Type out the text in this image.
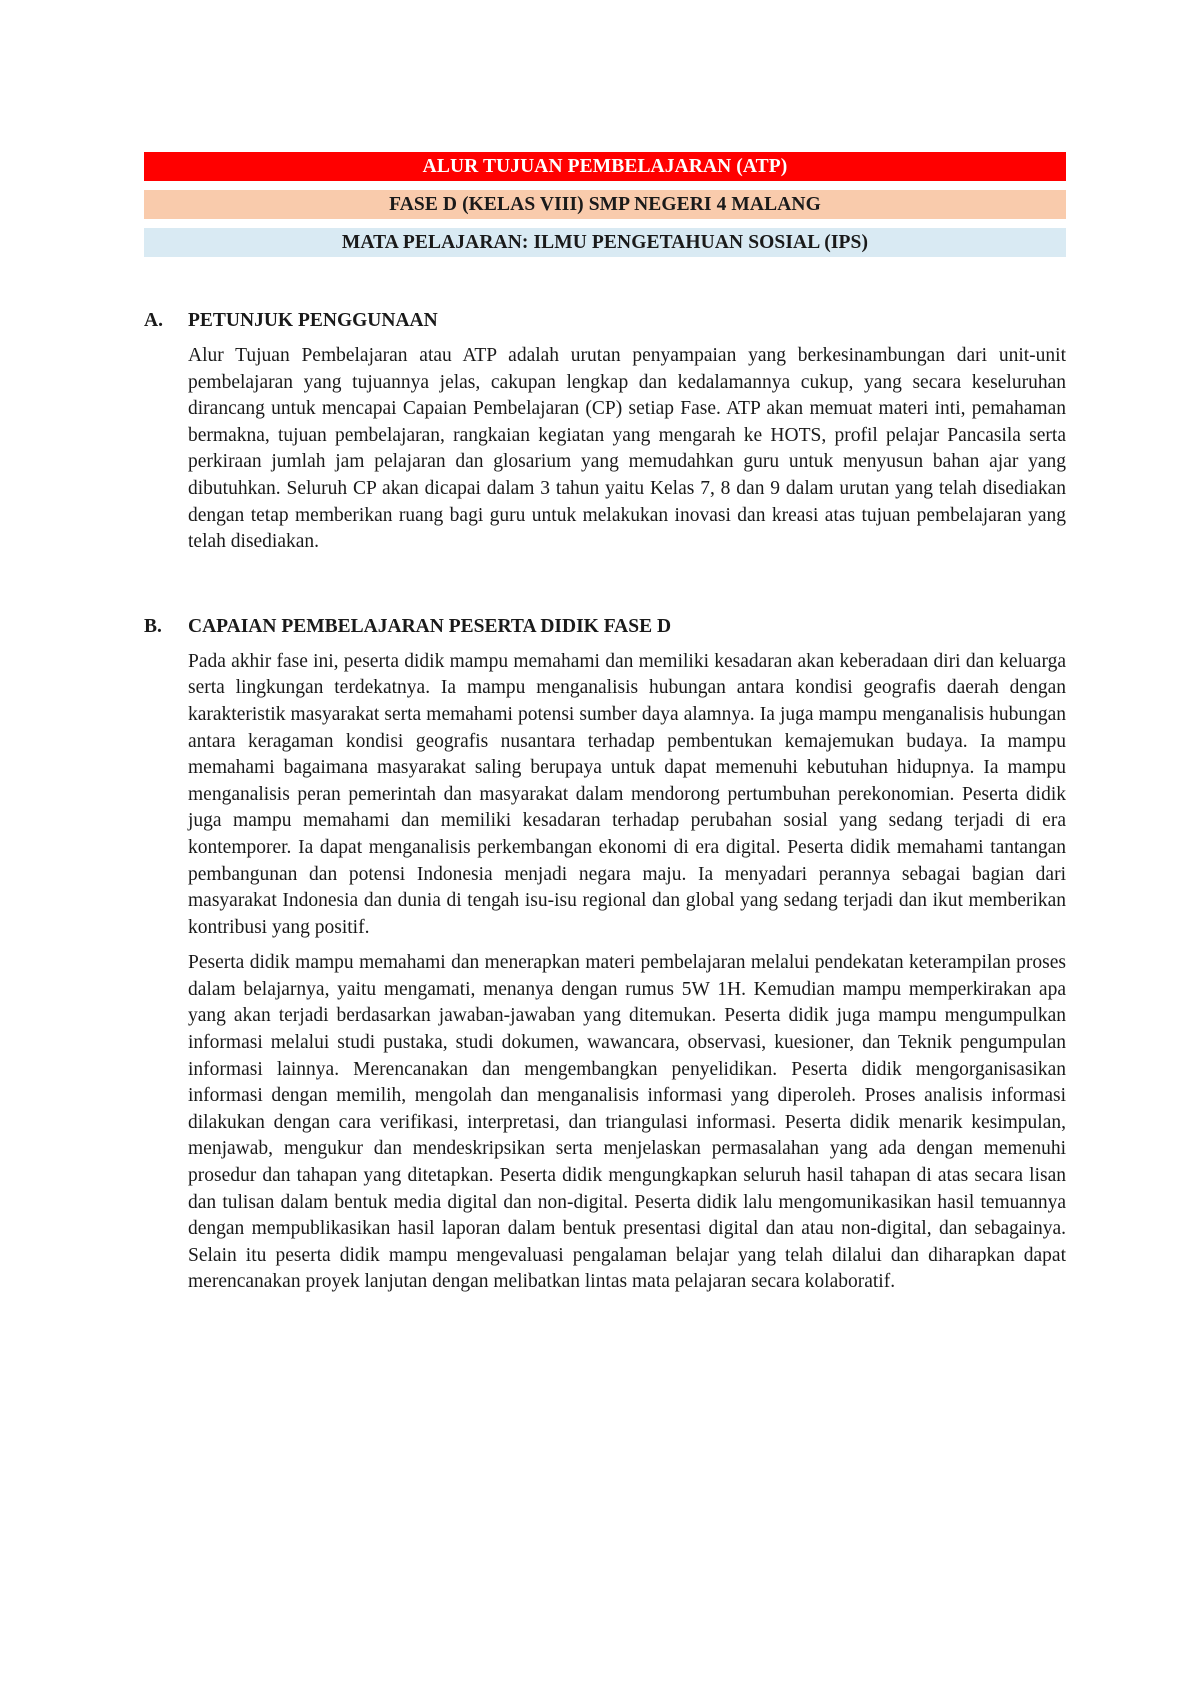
ALUR TUJUAN PEMBELAJARAN (ATP)
FASE D (KELAS VIII) SMP NEGERI 4 MALANG
MATA PELAJARAN: ILMU PENGETAHUAN SOSIAL (IPS)
A.	PETUNJUK PENGGUNAAN

Alur Tujuan Pembelajaran atau ATP adalah urutan penyampaian yang berkesinambungan dari unit-unit pembelajaran yang tujuannya jelas, cakupan lengkap dan kedalamannya cukup, yang secara keseluruhan dirancang untuk mencapai Capaian Pembelajaran (CP) setiap Fase. ATP akan memuat materi inti, pemahaman bermakna, tujuan pembelajaran, rangkaian kegiatan yang mengarah ke HOTS, profil pelajar Pancasila serta perkiraan jumlah jam pelajaran dan glosarium yang memudahkan guru untuk menyusun bahan ajar yang dibutuhkan. Seluruh CP akan dicapai dalam 3 tahun yaitu Kelas 7, 8 dan 9 dalam urutan yang telah disediakan dengan tetap memberikan ruang bagi guru untuk melakukan inovasi dan kreasi atas tujuan pembelajaran yang telah disediakan.

B.	CAPAIAN PEMBELAJARAN PESERTA DIDIK FASE D

Pada akhir fase ini, peserta didik mampu memahami dan memiliki kesadaran akan keberadaan diri dan keluarga serta lingkungan terdekatnya. Ia mampu menganalisis hubungan antara kondisi geografis daerah dengan karakteristik masyarakat serta memahami potensi sumber daya alamnya. Ia juga mampu menganalisis hubungan antara keragaman kondisi geografis nusantara terhadap pembentukan kemajemukan budaya. Ia mampu memahami bagaimana masyarakat saling berupaya untuk dapat memenuhi kebutuhan hidupnya. Ia mampu menganalisis peran pemerintah dan masyarakat dalam mendorong pertumbuhan perekonomian. Peserta didik juga mampu memahami dan memiliki kesadaran terhadap perubahan sosial yang sedang terjadi di era kontemporer. Ia dapat menganalisis perkembangan ekonomi di era digital. Peserta didik memahami tantangan pembangunan dan potensi Indonesia menjadi negara maju. Ia menyadari perannya sebagai bagian dari masyarakat Indonesia dan dunia di tengah isu-isu regional dan global yang sedang terjadi dan ikut memberikan kontribusi yang positif.

Peserta didik mampu memahami dan menerapkan materi pembelajaran melalui pendekatan keterampilan proses dalam belajarnya, yaitu mengamati, menanya dengan rumus 5W 1H. Kemudian mampu memperkirakan apa yang akan terjadi berdasarkan jawaban-jawaban yang ditemukan. Peserta didik juga mampu mengumpulkan informasi melalui studi pustaka, studi dokumen, wawancara, observasi, kuesioner, dan Teknik pengumpulan informasi lainnya. Merencanakan dan mengembangkan penyelidikan. Peserta didik mengorganisasikan informasi dengan memilih, mengolah dan menganalisis informasi yang diperoleh. Proses analisis informasi dilakukan dengan cara verifikasi, interpretasi, dan triangulasi informasi. Peserta didik menarik kesimpulan, menjawab, mengukur dan mendeskripsikan serta menjelaskan permasalahan yang ada dengan memenuhi prosedur dan tahapan yang ditetapkan. Peserta didik mengungkapkan seluruh hasil tahapan di atas secara lisan dan tulisan dalam bentuk media digital dan non-digital. Peserta didik lalu mengomunikasikan hasil temuannya dengan mempublikasikan hasil laporan dalam bentuk presentasi digital dan atau non-digital, dan sebagainya. Selain itu peserta didik mampu mengevaluasi pengalaman belajar yang telah dilalui dan diharapkan dapat merencanakan proyek lanjutan dengan melibatkan lintas mata pelajaran secara kolaboratif.
